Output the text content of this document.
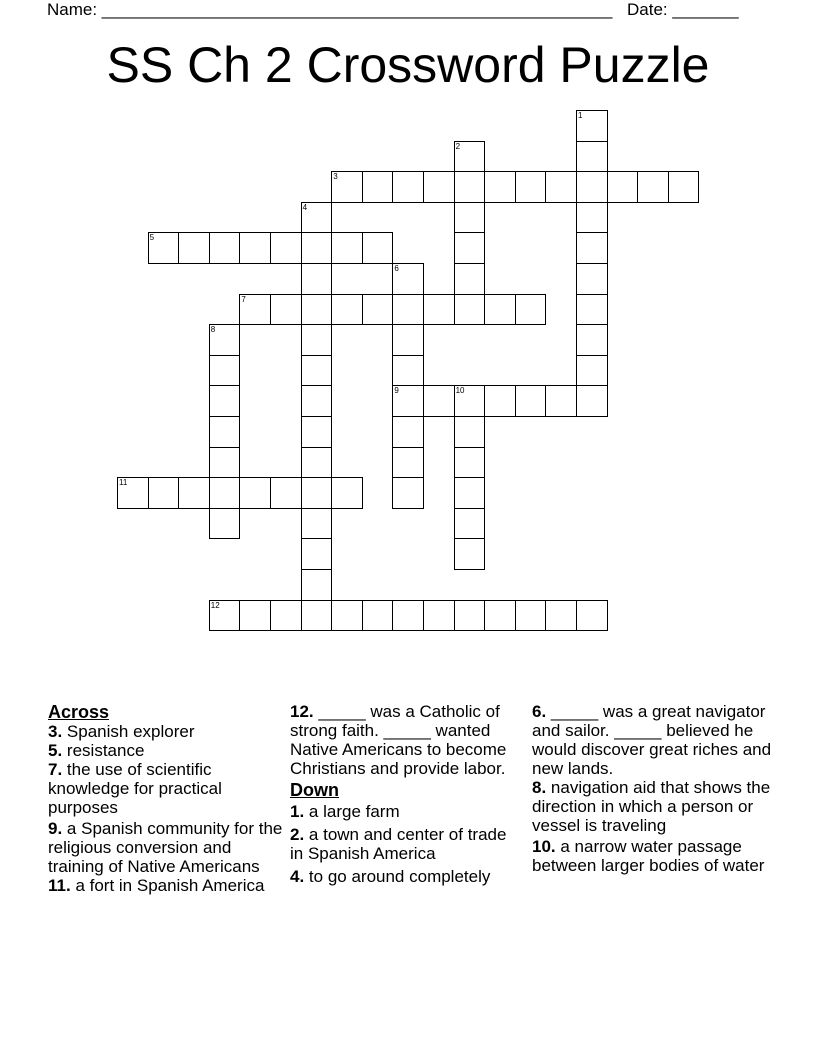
Name: ______________________________________________________ Date: _______
SS Ch 2 Crossword Puzzle
1
2
3
4
5
6
9
7
8
10
11
12
Across
3. Spanish explorer
5. resistance
7. the use of scientific knowledge for practical purposes
9. a Spanish community for the religious conversion and training of Native Americans
11. a fort in Spanish America
12. _____ was a Catholic of strong faith. _____ wanted Native Americans to become Christians and provide labor.
Down
1. a large farm
2. a town and center of trade in Spanish America
4. to go around completely
6. _____ was a great navigator and sailor. _____ believed he would discover great riches and new lands.
8. navigation aid that shows the direction in which a person or vessel is traveling
10. a narrow water passage between larger bodies of water
